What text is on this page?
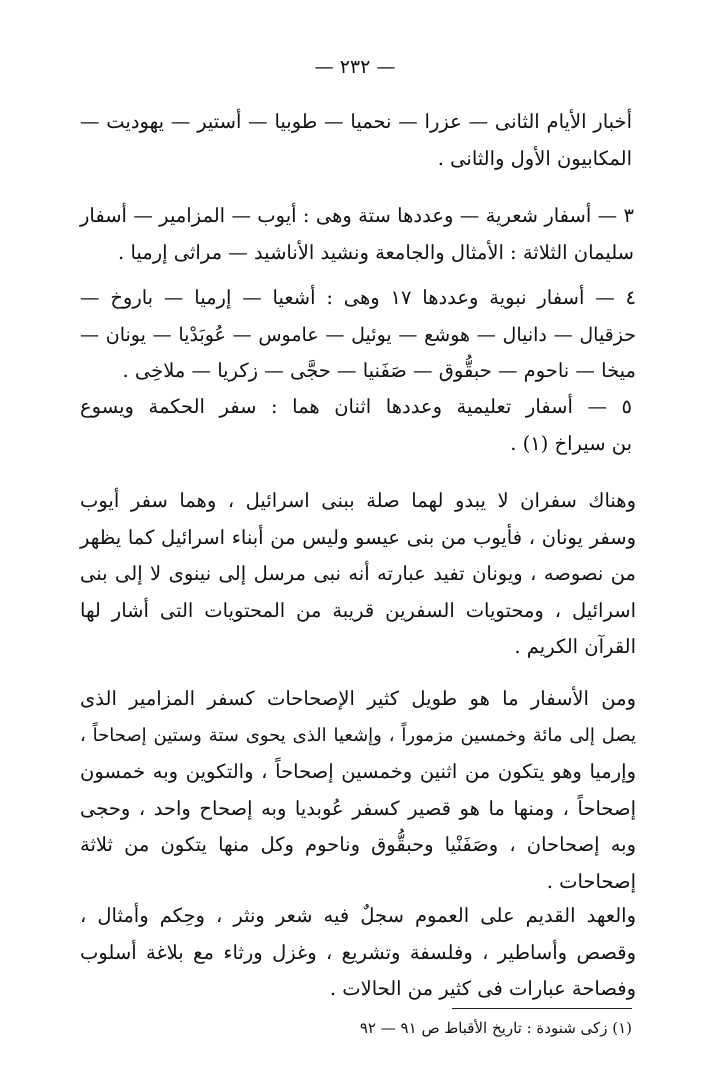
— ٢٣٢ —
أخبار الأيام الثانى — عزرا — نحميا — طوبيا — أستير — يهوديت —
المكابيون الأول والثانى .
٣ — أسفار شعرية — وعددها ستة وهى : أيوب — المزامير — أسفار
سليمان الثلاثة : الأمثال والجامعة ونشيد الأناشيد — مراثى إرميا .
٤ — أسفار نبوية وعددها ١٧ وهى : أشعيا — إرميا — باروخ —
حزقيال — دانيال — هوشع — يوئيل — عاموس — عُوبَدْيا — يونان —
ميخا — ناحوم — حبقُّوق — صَفَنيا — حجَّى — زكريا — ملاخِى .
٥ — أسفار تعليمية وعددها اثنان هما : سفر الحكمة ويسوع
بن سيراخ (١) .
وهناك سفران لا يبدو لهما صلة ببنى اسرائيل ، وهما سفر أيوب
وسفر يونان ، فأيوب من بنى عيسو وليس من أبناء اسرائيل كما يظهر
من نصوصه ، ويونان تفيد عبارته أنه نبى مرسل إلى نينوى لا إلى بنى
اسرائيل ، ومحتويات السفرين قريبة من المحتويات التى أشار لها
القرآن الكريم .
ومن الأسفار ما هو طويل كثير الإصحاحات كسفر المزامير الذى
يصل إلى مائة وخمسين مزموراً ، وإشعيا الذى يحوى ستة وستين إصحاحاً ،
وإرميا وهو يتكون من اثنين وخمسين إصحاحاً ، والتكوين وبه خمسون
إصحاحاً ، ومنها ما هو قصير كسفر عُوبديا وبه إصحاح واحد ، وحجى
وبه إصحاحان ، وصَفَنْيا وحبقُّوق وناحوم وكل منها يتكون من ثلاثة
إصحاحات .
والعهد القديم على العموم سجلٌ فيه شعر ونثر ، وحِكم وأمثال ،
وقصص وأساطير ، وفلسفة وتشريع ، وغزل ورثاء مع بلاغة أسلوب
وفصاحة عبارات فى كثير من الحالات .
(١) زكى شنودة : تاريخ الأقباط ص ٩١ — ٩٢
